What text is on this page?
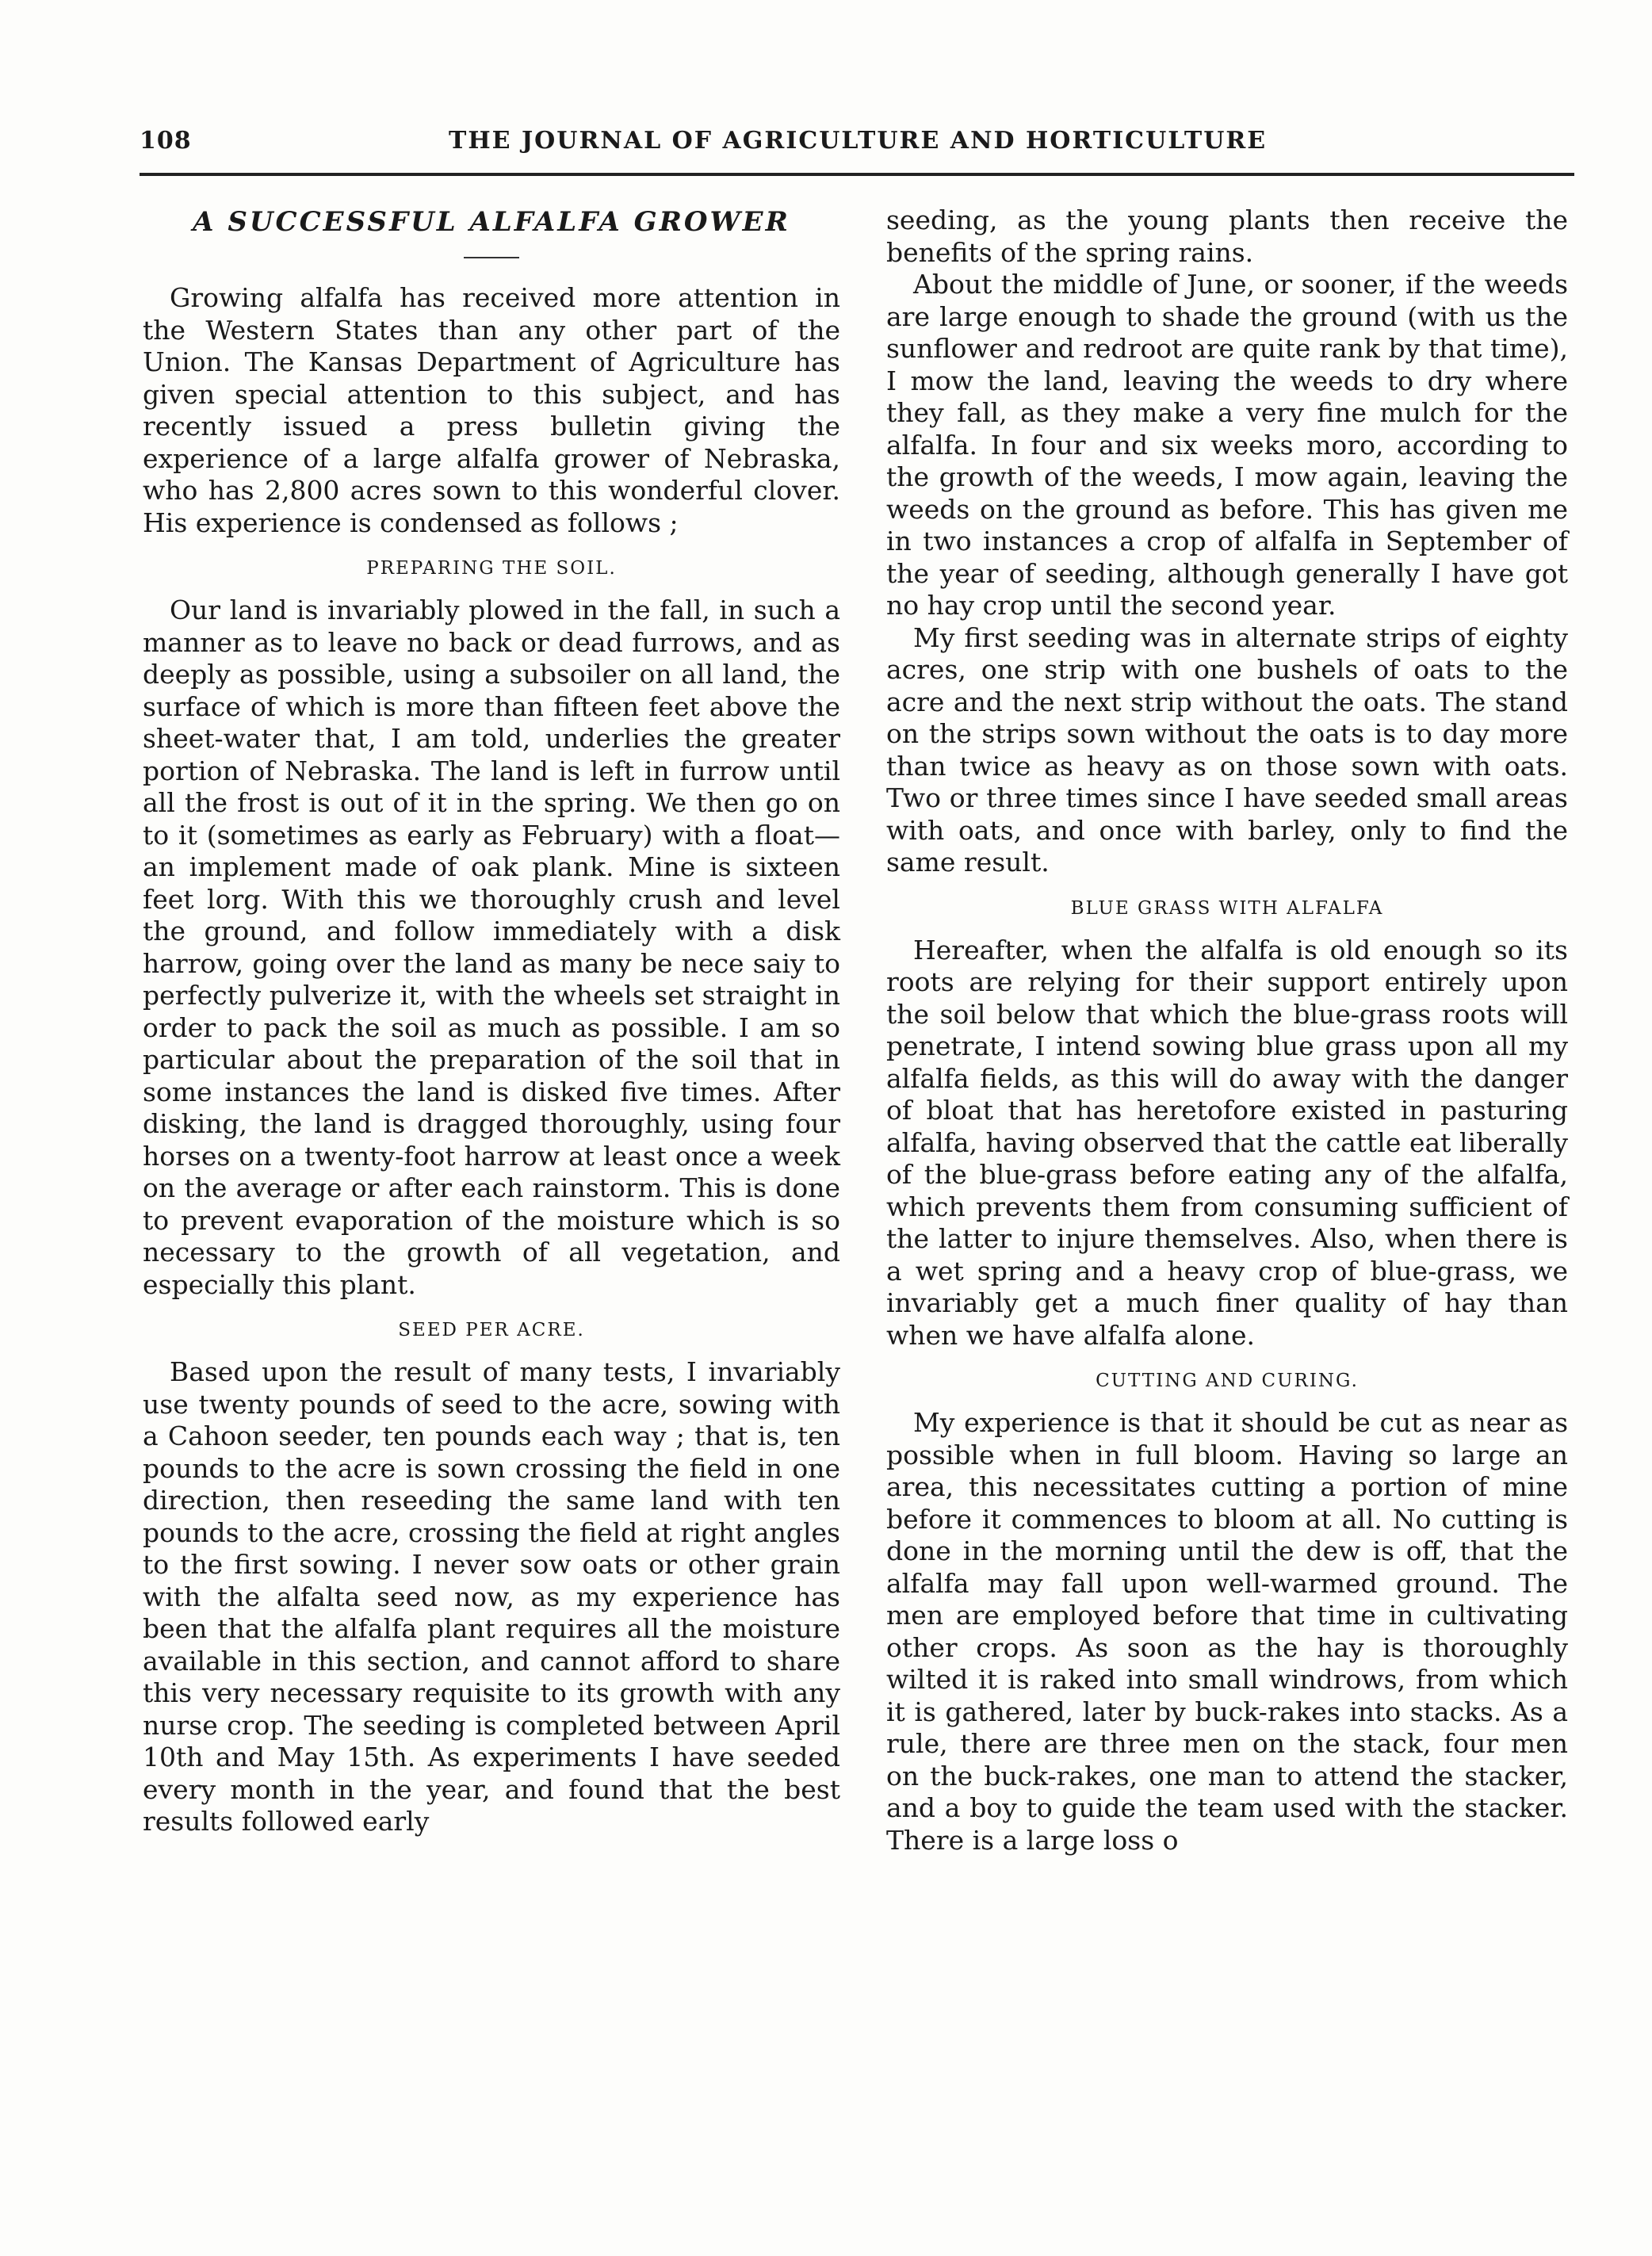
108	THE JOURNAL OF AGRICULTURE AND HORTICULTURE
A SUCCESSFUL ALFALFA GROWER

Growing alfalfa has received more attention in the Western States than any other part of the Union. The Kansas Department of Agriculture has given special attention to this subject, and has recently issued a press bulletin giving the experience of a large alfalfa grower of Nebraska, who has 2,800 acres sown to this wonderful clover. His experience is condensed as follows ;

PREPARING THE SOIL.

Our land is invariably plowed in the fall, in such a manner as to leave no back or dead furrows, and as deeply as possible, using a subsoiler on all land, the surface of which is more than fifteen feet above the sheet-water that, I am told, underlies the greater portion of Nebraska. The land is left in furrow until all the frost is out of it in the spring. We then go on to it (sometimes as early as February) with a float—an implement made of oak plank. Mine is sixteen feet lorg. With this we thoroughly crush and level the ground, and follow immediately with a disk harrow, going over the land as many be nece saiy to perfectly pulverize it, with the wheels set straight in order to pack the soil as much as possible. I am so particular about the preparation of the soil that in some instances the land is disked five times. After disking, the land is dragged thoroughly, using four horses on a twenty-foot harrow at least once a week on the average or after each rainstorm. This is done to prevent evaporation of the moisture which is so necessary to the growth of all vegetation, and especially this plant.

SEED PER ACRE.

Based upon the result of many tests, I invariably use twenty pounds of seed to the acre, sowing with a Cahoon seeder, ten pounds each way ; that is, ten pounds to the acre is sown crossing the field in one direction, then reseeding the same land with ten pounds to the acre, crossing the field at right angles to the first sowing. I never sow oats or other grain with the alfalta seed now, as my experience has been that the alfalfa plant requires all the moisture available in this section, and cannot afford to share this very necessary requisite to its growth with any nurse crop. The seeding is completed between April 10th and May 15th. As experiments I have seeded every month in the year, and found that the best results followed early

seeding, as the young plants then receive the benefits of the spring rains.

About the middle of June, or sooner, if the weeds are large enough to shade the ground (with us the sunflower and redroot are quite rank by that time), I mow the land, leaving the weeds to dry where they fall, as they make a very fine mulch for the alfalfa. In four and six weeks moro, according to the growth of the weeds, I mow again, leaving the weeds on the ground as before. This has given me in two instances a crop of alfalfa in September of the year of seeding, although generally I have got no hay crop until the second year.

My first seeding was in alternate strips of eighty acres, one strip with one bushels of oats to the acre and the next strip without the oats. The stand on the strips sown without the oats is to day more than twice as heavy as on those sown with oats. Two or three times since I have seeded small areas with oats, and once with barley, only to find the same result.

BLUE GRASS WITH ALFALFA

Hereafter, when the alfalfa is old enough so its roots are relying for their support entirely upon the soil below that which the blue-grass roots will penetrate, I intend sowing blue grass upon all my alfalfa fields, as this will do away with the danger of bloat that has heretofore existed in pasturing alfalfa, having observed that the cattle eat liberally of the blue-grass before eating any of the alfalfa, which prevents them from consuming sufficient of the latter to injure themselves. Also, when there is a wet spring and a heavy crop of blue-grass, we invariably get a much finer quality of hay than when we have alfalfa alone.

CUTTING AND CURING.

My experience is that it should be cut as near as possible when in full bloom. Having so large an area, this necessitates cutting a portion of mine before it commences to bloom at all. No cutting is done in the morning until the dew is off, that the alfalfa may fall upon well-warmed ground. The men are employed before that time in cultivating other crops. As soon as the hay is thoroughly wilted it is raked into small windrows, from which it is gathered, later by buck-rakes into stacks. As a rule, there are three men on the stack, four men on the buck-rakes, one man to attend the stacker, and a boy to guide the team used with the stacker. There is a large loss o
